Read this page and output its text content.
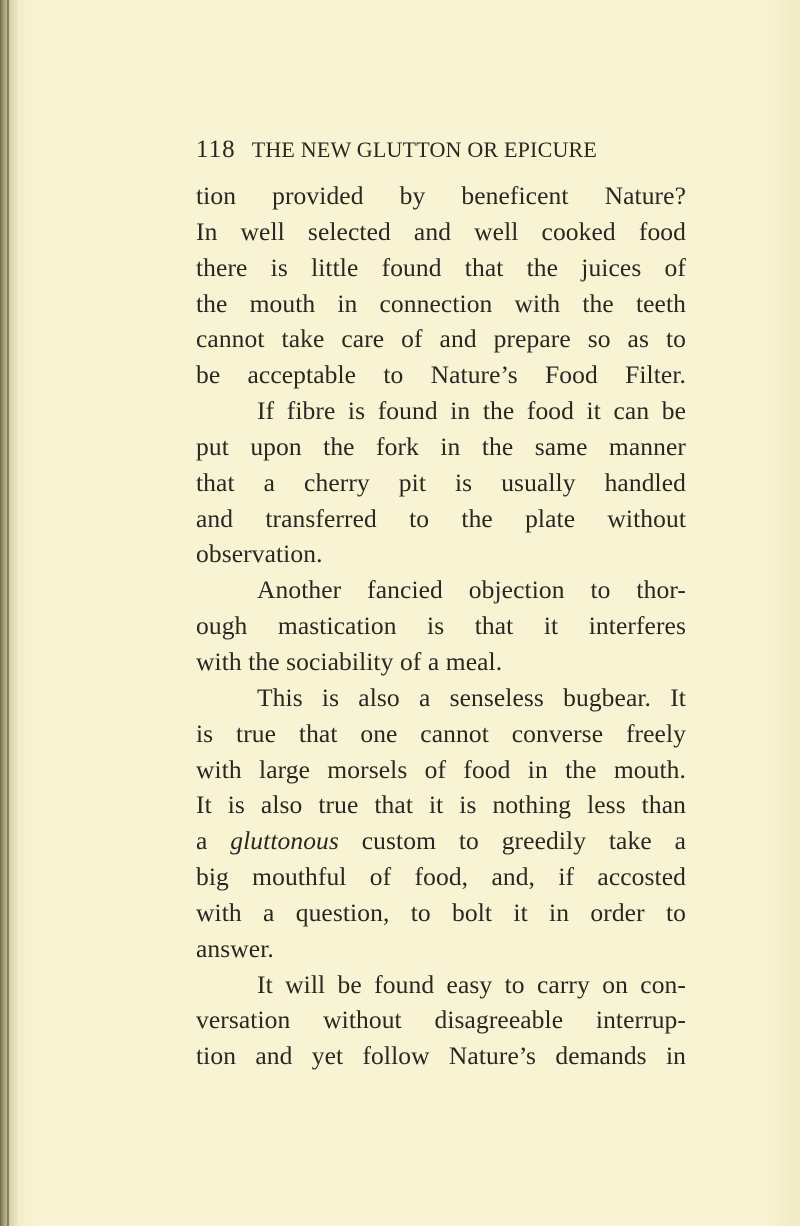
118 THE NEW GLUTTON OR EPICURE
tion provided by beneficent Nature?
In well selected and well cooked food
there is little found that the juices of
the mouth in connection with the teeth
cannot take care of and prepare so as to
be acceptable to Nature’s Food Filter.
If fibre is found in the food it can be
put upon the fork in the same manner
that a cherry pit is usually handled
and transferred to the plate without
observation.
Another fancied objection to thor-
ough mastication is that it interferes
with the sociability of a meal.
This is also a senseless bugbear. It
is true that one cannot converse freely
with large morsels of food in the mouth.
It is also true that it is nothing less than
a gluttonous custom to greedily take a
big mouthful of food, and, if accosted
with a question, to bolt it in order to
answer.
It will be found easy to carry on con-
versation without disagreeable interrup-
tion and yet follow Nature’s demands in
